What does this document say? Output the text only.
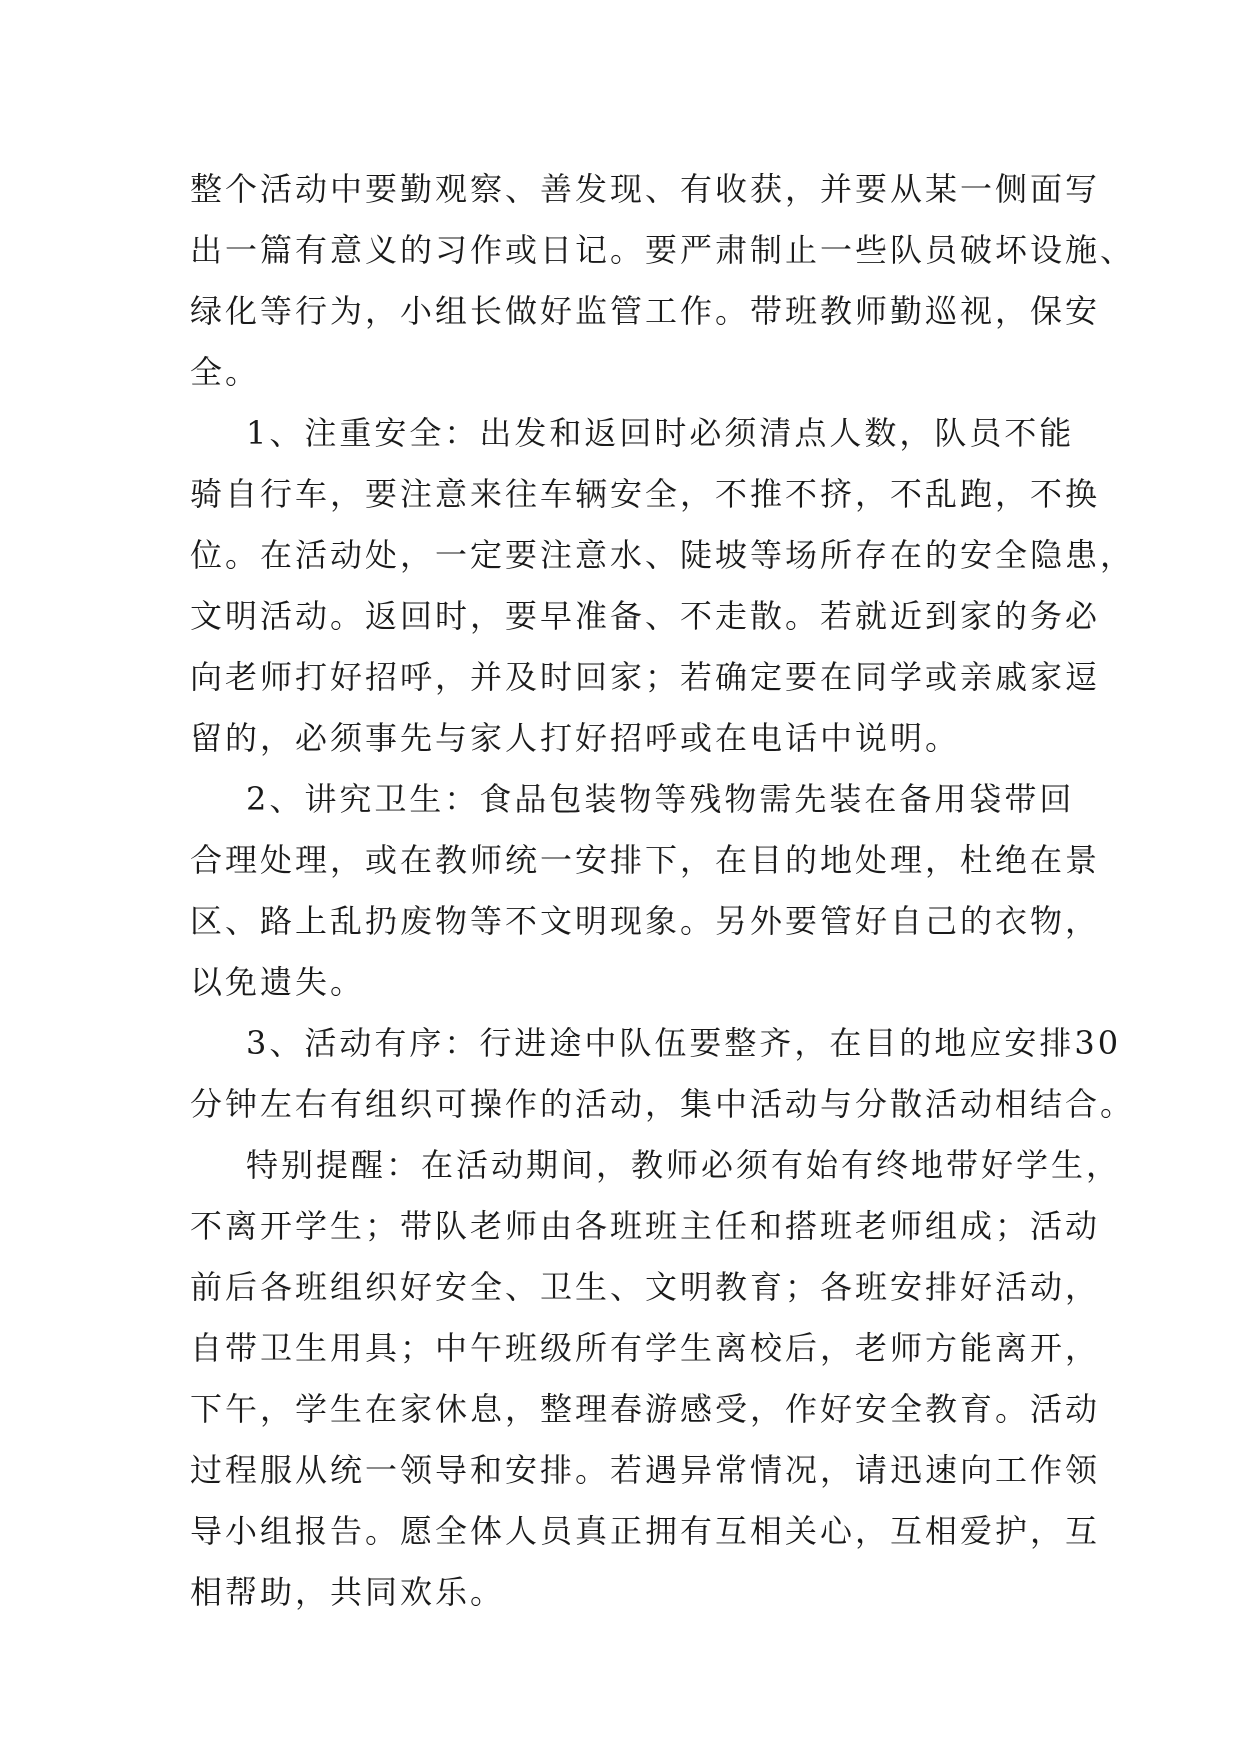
整个活动中要勤观察、善发现、有收获，并要从某一侧面写
出一篇有意义的习作或日记。要严肃制止一些队员破坏设施、
绿化等行为，小组长做好监管工作。带班教师勤巡视，保安
全。
1、注重安全：出发和返回时必须清点人数，队员不能
骑自行车，要注意来往车辆安全，不推不挤，不乱跑，不换
位。在活动处，一定要注意水、陡坡等场所存在的安全隐患，
文明活动。返回时，要早准备、不走散。若就近到家的务必
向老师打好招呼，并及时回家；若确定要在同学或亲戚家逗
留的，必须事先与家人打好招呼或在电话中说明。
2、讲究卫生：食品包装物等残物需先装在备用袋带回
合理处理，或在教师统一安排下，在目的地处理，杜绝在景
区、路上乱扔废物等不文明现象。另外要管好自己的衣物，
以免遗失。
3、活动有序：行进途中队伍要整齐，在目的地应安排30
分钟左右有组织可操作的活动，集中活动与分散活动相结合。
特别提醒：在活动期间，教师必须有始有终地带好学生，
不离开学生；带队老师由各班班主任和搭班老师组成；活动
前后各班组织好安全、卫生、文明教育；各班安排好活动，
自带卫生用具；中午班级所有学生离校后，老师方能离开，
下午，学生在家休息，整理春游感受，作好安全教育。活动
过程服从统一领导和安排。若遇异常情况，请迅速向工作领
导小组报告。愿全体人员真正拥有互相关心，互相爱护，互
相帮助，共同欢乐。
